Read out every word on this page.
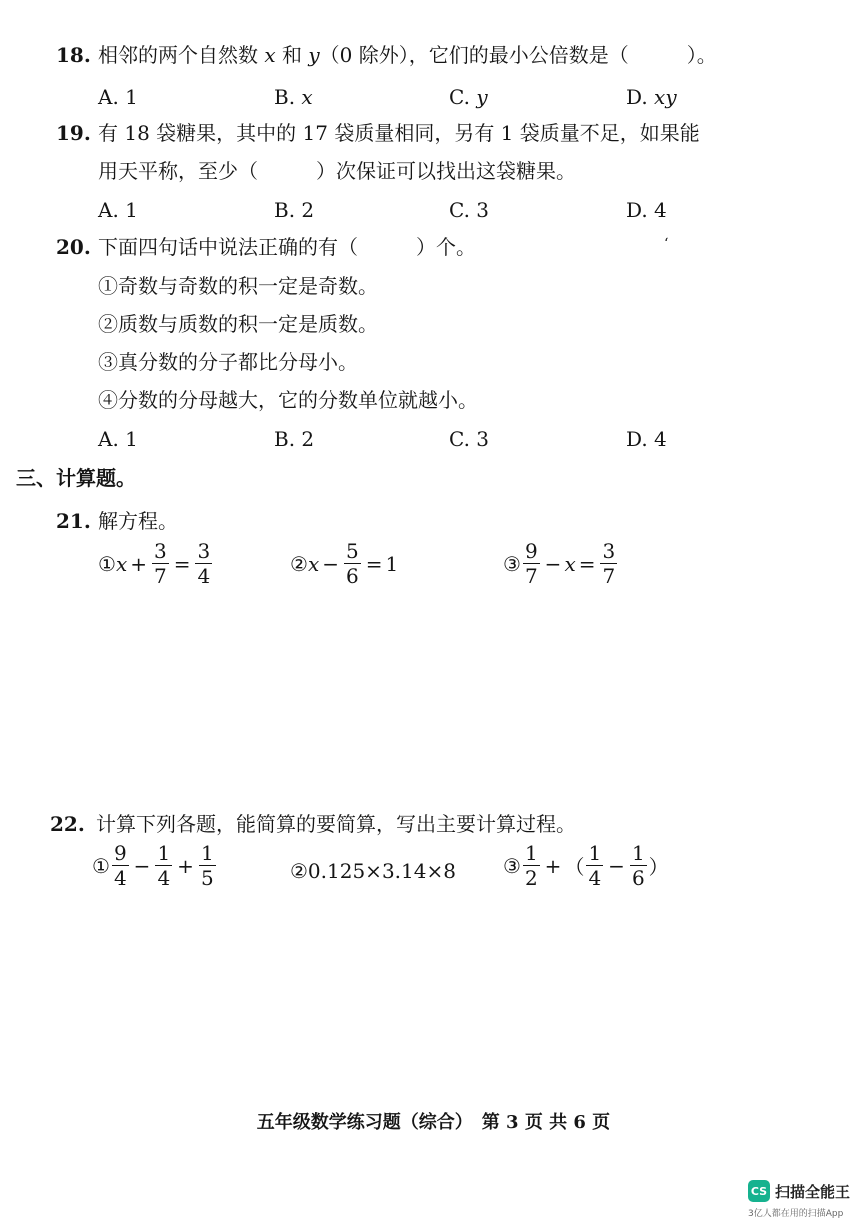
18. 相邻的两个自然数 x 和 y（0 除外），它们的最小公倍数是（	）。
A. 1	B. x	C. y	D. xy
19. 有 18 袋糖果，其中的 17 袋质量相同，另有 1 袋质量不足，如果能
用天平称，至少（	）次保证可以找出这袋糖果。
A. 1	B. 2	C. 3	D. 4
20. 下面四句话中说法正确的有（	）个。	ʻ
①奇数与奇数的积一定是奇数。
②质数与质数的积一定是质数。
③真分数的分子都比分母小。
④分数的分母越大，它的分数单位就越小。
A. 1	B. 2	C. 3	D. 4
三、计算题。
21. 解方程。
① $x + \frac{3}{7} = \frac{3}{4}$	② $x - \frac{5}{6} = 1$	③ $\frac{9}{7} - x = \frac{3}{7}$
22. 计算下列各题，能简算的要简算，写出主要计算过程。
① $\frac{9}{4} - \frac{1}{4} + \frac{1}{5}$	②0.125×3.14×8 ③ $\frac{1}{2}$ + （ $\frac{1}{4} - \frac{1}{6}$ ）
五年级数学练习题（综合）　第 3 页 共 6 页
CS 扫描全能王
3亿人都在用的扫描App
